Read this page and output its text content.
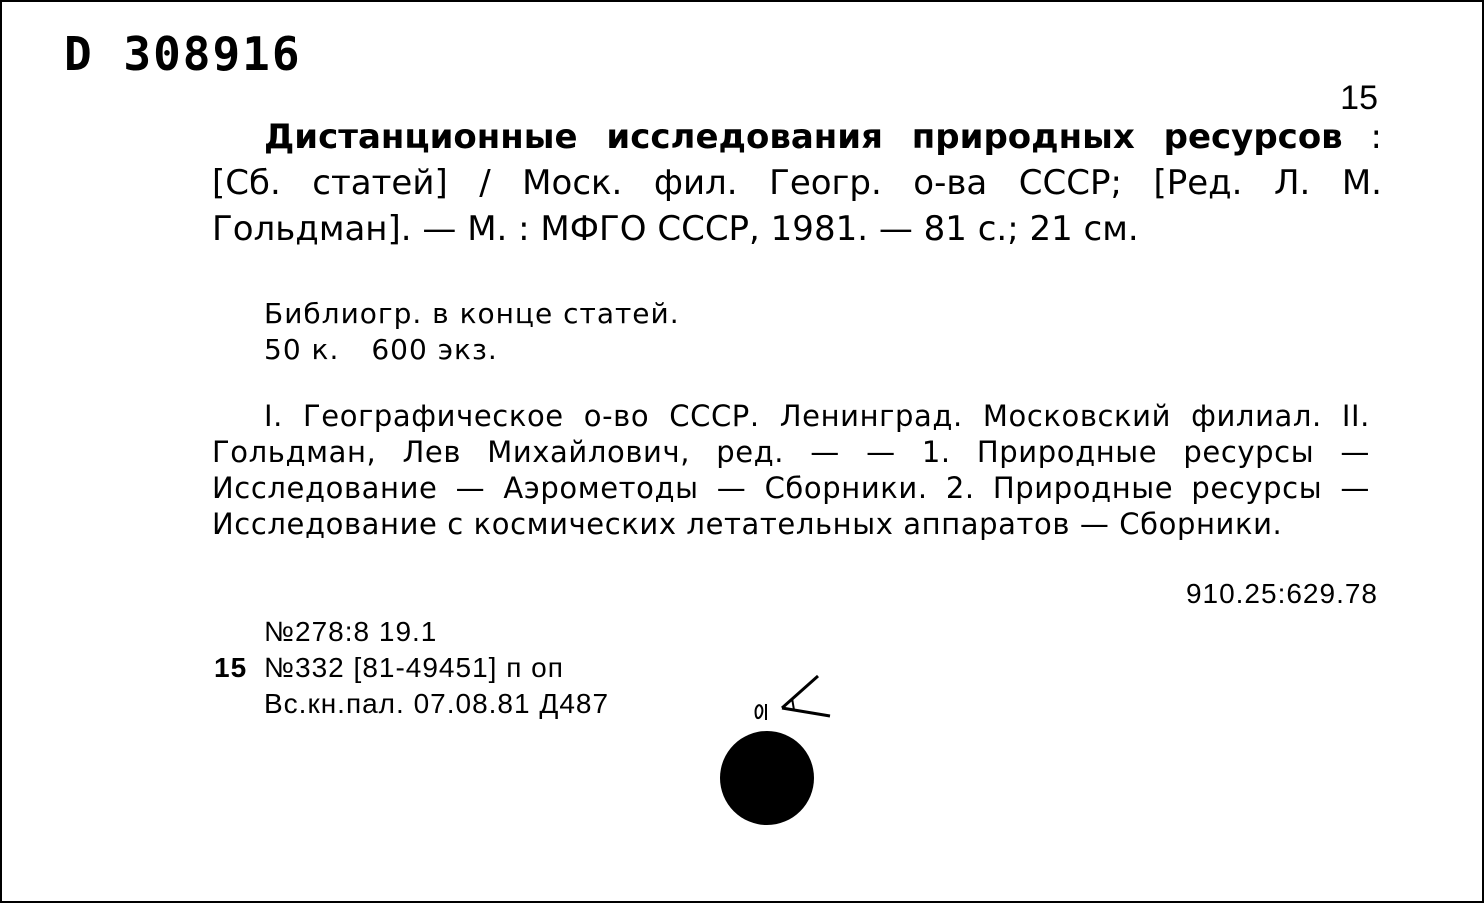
D 308916
15

Дистанционные исследования природных ресурсов : [Сб. статей] / Моск. фил. Геогр. о-ва СССР; [Ред. Л. М. Гольдман]. — М. : МФГО СССР, 1981. — 81 с.; 21 см.

Библиогр. в конце статей.
50 к. 600 экз.

I. Географическое о-во СССР. Ленинград. Московский филиал. II. Гольдман, Лев Михайлович, ред. — — 1. Природные ресурсы — Исследование — Аэрометоды — Сборники. 2. Природные ресурсы — Исследование с космических летательных аппаратов — Сборники.

910.25:629.78
№278:8 19.1
15 №332 [81-49451] п оп
Вс.кн.пал. 07.08.81 Д487
